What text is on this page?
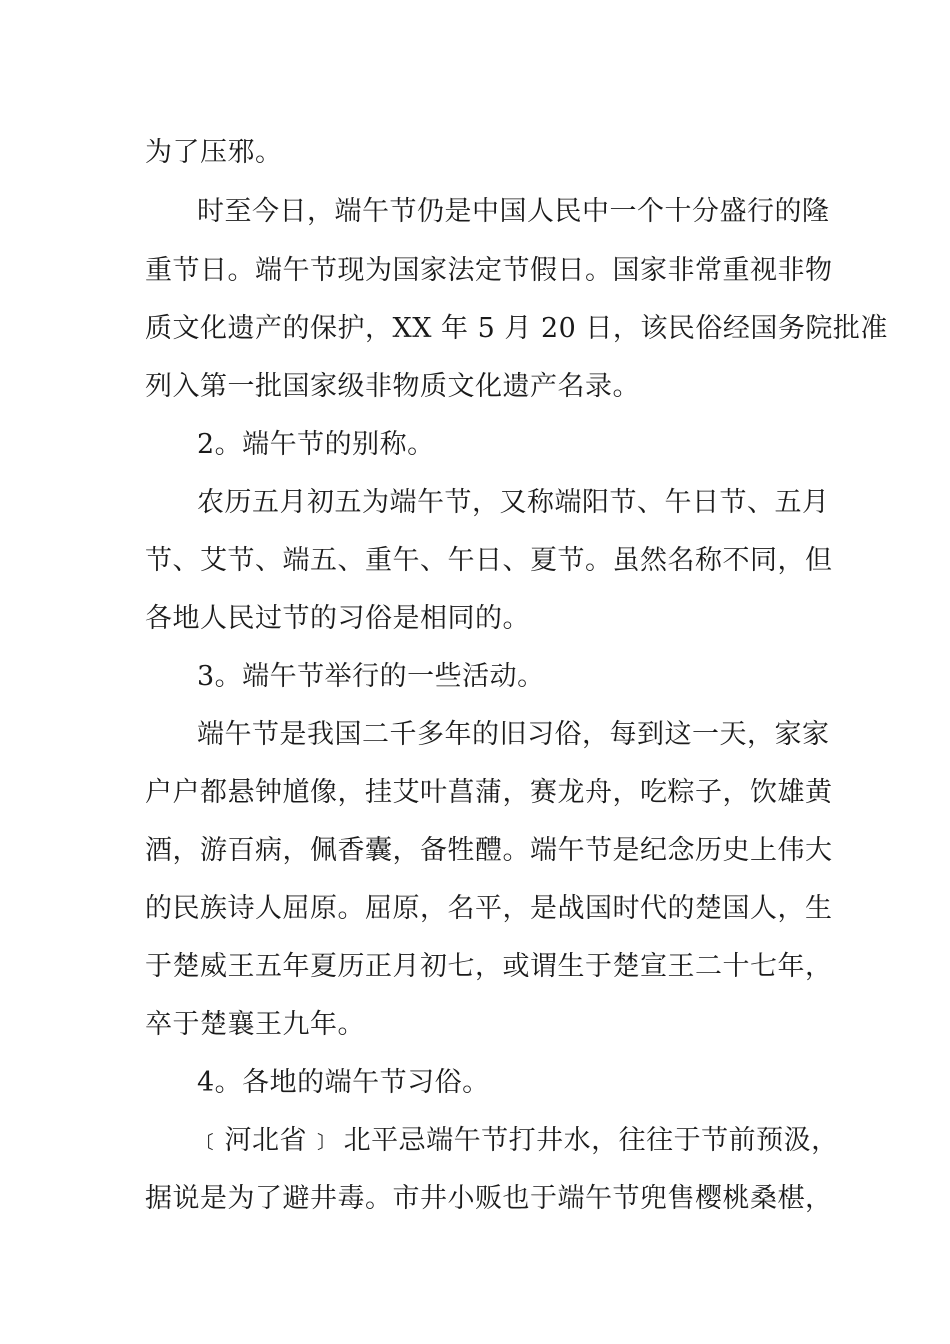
为了压邪。
时至今日，端午节仍是中国人民中一个十分盛行的隆
重节日。端午节现为国家法定节假日。国家非常重视非物
质文化遗产的保护，XX 年 5 月 20 日，该民俗经国务院批准
列入第一批国家级非物质文化遗产名录。
2。端午节的别称。
农历五月初五为端午节，又称端阳节、午日节、五月
节、艾节、端五、重午、午日、夏节。虽然名称不同，但
各地人民过节的习俗是相同的。
3。端午节举行的一些活动。
端午节是我国二千多年的旧习俗，每到这一天，家家
户户都悬钟馗像，挂艾叶菖蒲，赛龙舟，吃粽子，饮雄黄
酒，游百病，佩香囊，备牲醴。端午节是纪念历史上伟大
的民族诗人屈原。屈原，名平，是战国时代的楚国人，生
于楚威王五年夏历正月初七，或谓生于楚宣王二十七年，
卒于楚襄王九年。
4。各地的端午节习俗。
﹝河北省﹞ 北平忌端午节打井水，往往于节前预汲，
据说是为了避井毒。市井小贩也于端午节兜售樱桃桑椹，
